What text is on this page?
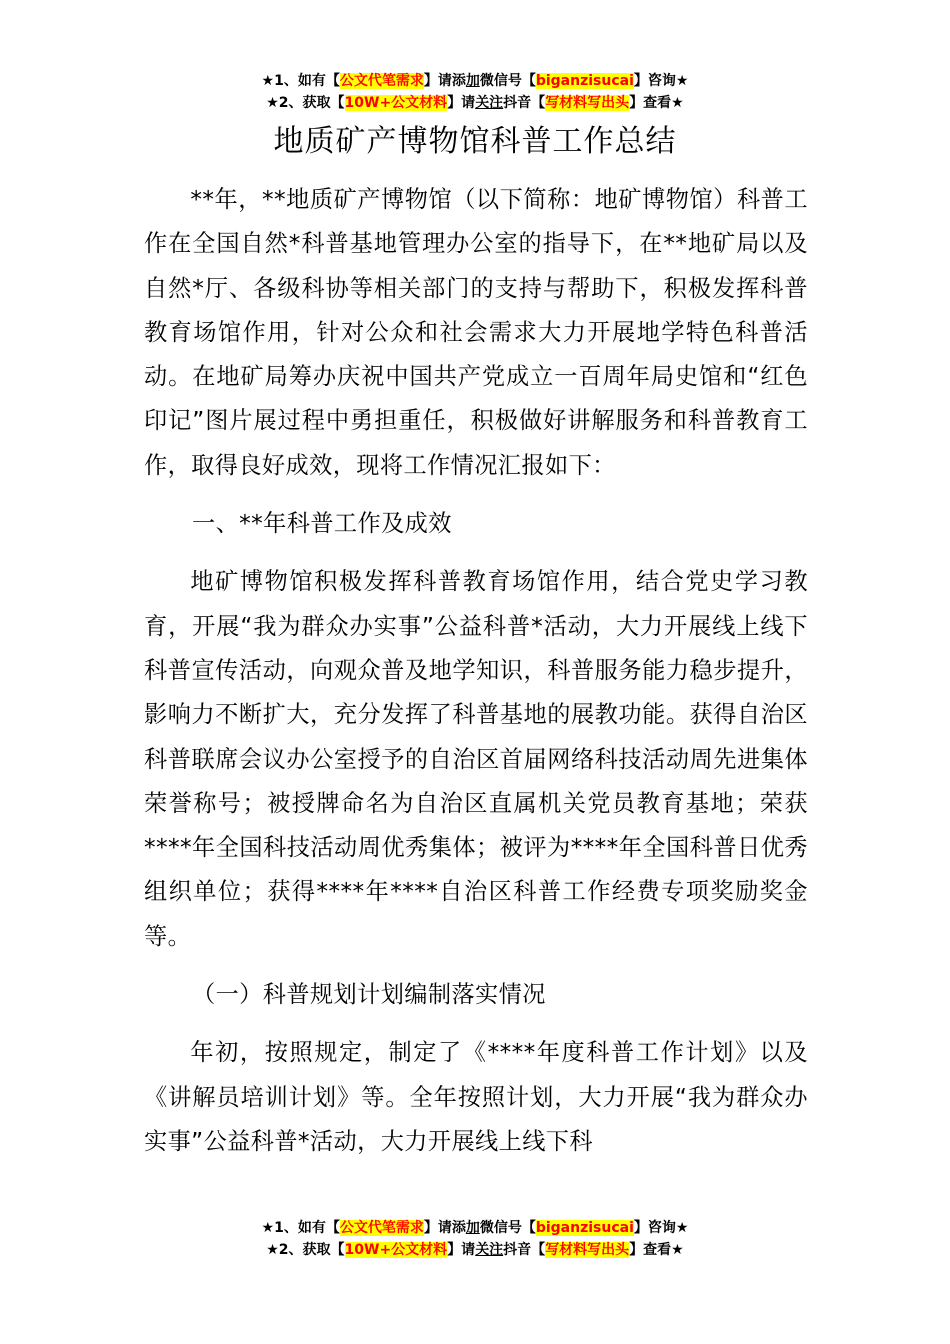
★1、如有【公文代笔需求】请添加微信号【biganzisucai】咨询★
★2、获取【10W+公文材料】请关注抖音【写材料写出头】查看★
地质矿产博物馆科普工作总结

**年，**地质矿产博物馆（以下简称：地矿博物馆）科普工作在全国自然*科普基地管理办公室的指导下，在**地矿局以及自然*厅、各级科协等相关部门的支持与帮助下，积极发挥科普教育场馆作用，针对公众和社会需求大力开展地学特色科普活动。在地矿局筹办庆祝中国共产党成立一百周年局史馆和“红色印记”图片展过程中勇担重任，积极做好讲解服务和科普教育工作，取得良好成效，现将工作情况汇报如下：

一、**年科普工作及成效

地矿博物馆积极发挥科普教育场馆作用，结合党史学习教育，开展“我为群众办实事”公益科普*活动，大力开展线上线下科普宣传活动，向观众普及地学知识，科普服务能力稳步提升，影响力不断扩大，充分发挥了科普基地的展教功能。获得自治区科普联席会议办公室授予的自治区首届网络科技活动周先进集体荣誉称号；被授牌命名为自治区直属机关党员教育基地；荣获****年全国科技活动周优秀集体；被评为****年全国科普日优秀组织单位；获得****年****自治区科普工作经费专项奖励奖金等。

（一）科普规划计划编制落实情况

年初，按照规定，制定了《****年度科普工作计划》以及《讲解员培训计划》等。全年按照计划，大力开展“我为群众办实事”公益科普*活动，大力开展线上线下科

★1、如有【公文代笔需求】请添加微信号【biganzisucai】咨询★
★2、获取【10W+公文材料】请关注抖音【写材料写出头】查看★
